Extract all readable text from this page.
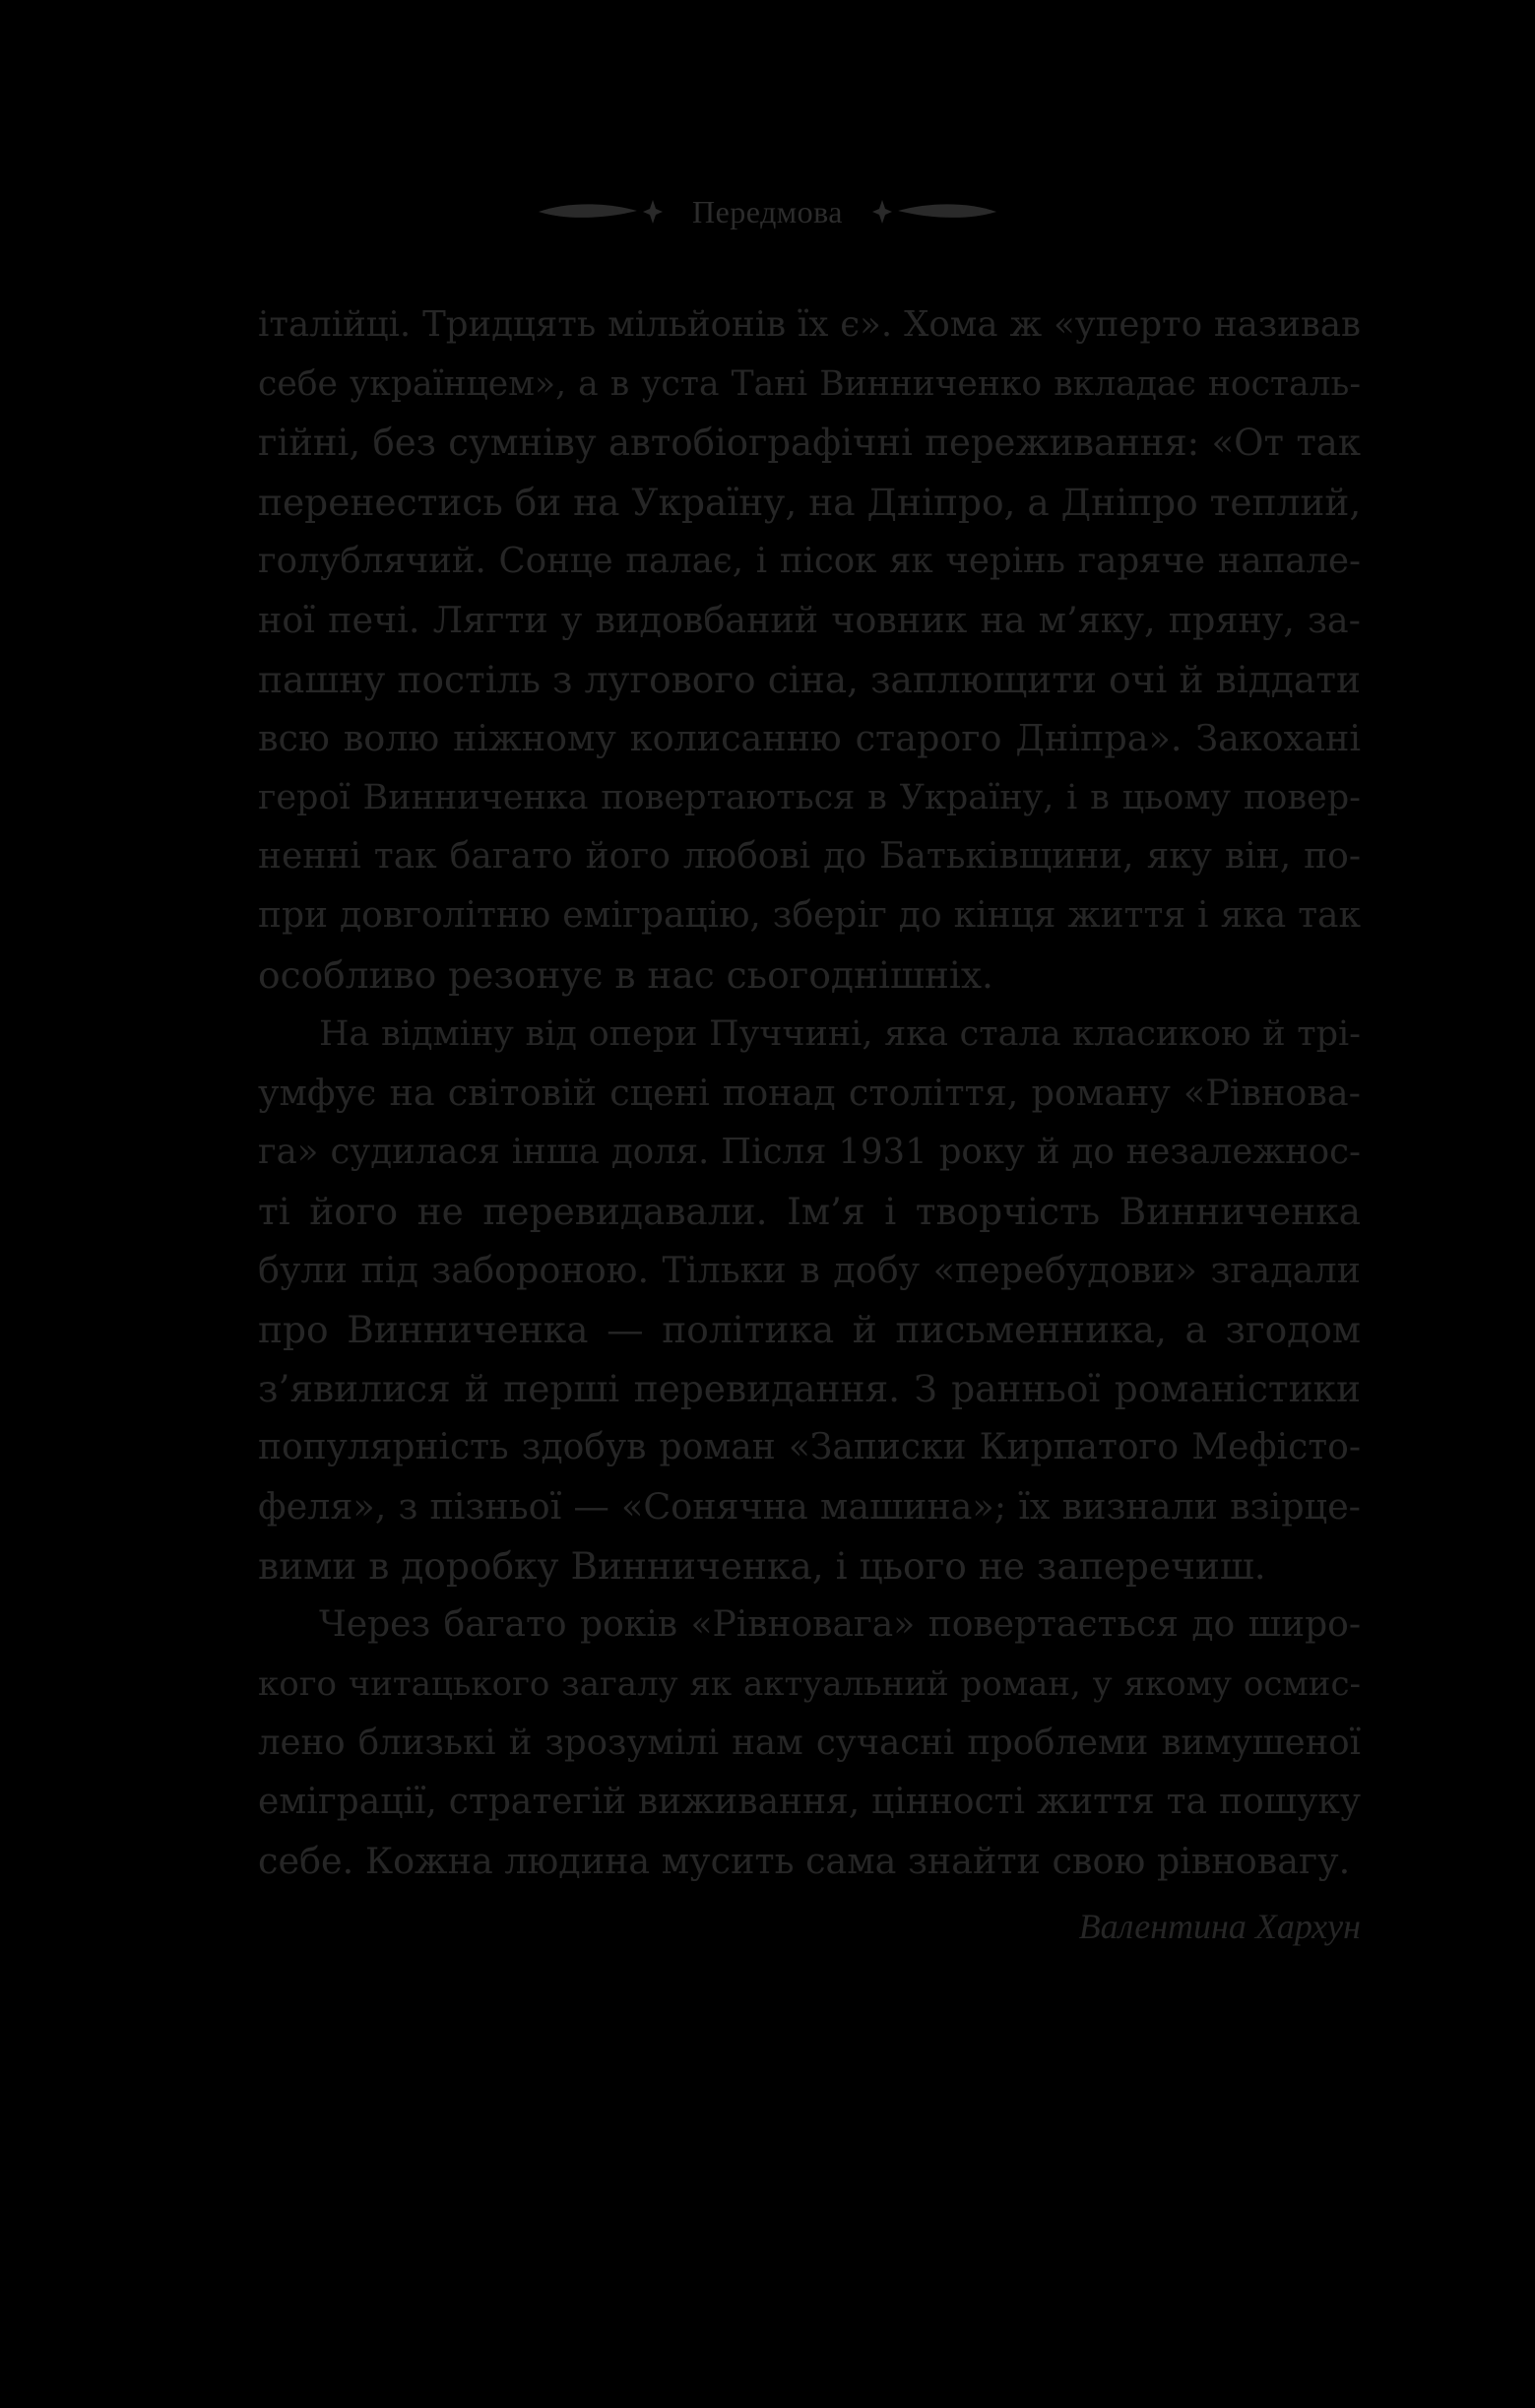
Передмова
італійці. Тридцять мільйонів їх є». Хома ж «уперто називав
себе українцем», а в уста Тані Винниченко вкладає носталь-
гійні, без сумніву автобіографічні переживання: «От так
перенестись би на Україну, на Дніпро, а Дніпро теплий,
голублячий. Сонце палає, і пісок як черінь гаряче напале-
ної печі. Лягти у видовбаний човник на м’яку, пряну, за-
пашну постіль з лугового сіна, заплющити очі й віддати
всю волю ніжному колисанню старого Дніпра». Закохані
герої Винниченка повертаються в Україну, і в цьому повер-
ненні так багато його любові до Батьківщини, яку він, по-
при довголітню еміграцію, зберіг до кінця життя і яка так
особливо резонує в нас сьогоднішніх.
На відміну від опери Пуччині, яка стала класикою й трі-
умфує на світовій сцені понад століття, роману «Рівнова-
га» судилася інша доля. Після 1931 року й до незалежнос-
ті його не перевидавали. Ім’я і творчість Винниченка
були під забороною. Тільки в добу «перебудови» згадали
про Винниченка — політика й письменника, а згодом
з’явилися й перші перевидання. З ранньої романістики
популярність здобув роман «Записки Кирпатого Мефісто-
феля», з пізньої — «Сонячна машина»; їх визнали взірце-
вими в доробку Винниченка, і цього не заперечиш.
Через багато років «Рівновага» повертається до широ-
кого читацького загалу як актуальний роман, у якому осмис-
лено близькі й зрозумілі нам сучасні проблеми вимушеної
еміграції, стратегій виживання, цінності життя та пошуку
себе. Кожна людина мусить сама знайти свою рівновагу.
Валентина Хархун
